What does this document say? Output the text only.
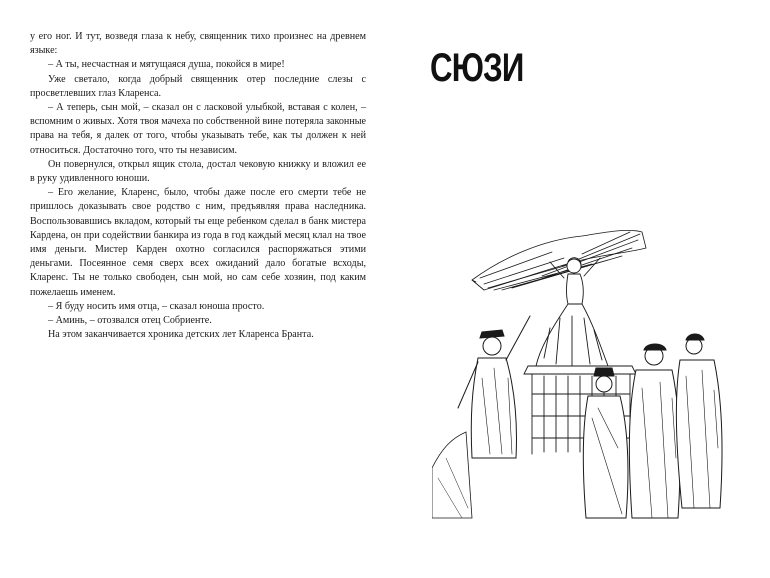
у его ног. И тут, возведя глаза к небу, священник тихо произнес на древнем языке:

– А ты, несчастная и мятущаяся душа, покойся в мире!

Уже светало, когда добрый священник отер последние слезы с просветлевших глаз Кларенса.

– А теперь, сын мой, – сказал он с ласковой улыбкой, вставая с колен, – вспомним о живых. Хотя твоя мачеха по собственной вине потеряла законные права на тебя, я далек от того, чтобы указывать тебе, как ты должен к ней относиться. Достаточно того, что ты независим.

Он повернулся, открыл ящик стола, достал чековую книжку и вложил ее в руку удивленного юноши.

– Его желание, Кларенс, было, чтобы даже после его смерти тебе не пришлось доказывать свое родство с ним, предъявляя права наследника. Воспользовавшись вкладом, который ты еще ребенком сделал в банк мистера Кардена, он при содействии банкира из года в год каждый месяц клал на твое имя деньги. Мистер Карден охотно согласился распоряжаться этими деньгами. Посеянное семя сверх всех ожиданий дало богатые всходы, Кларенс. Ты не только свободен, сын мой, но сам себе хозяин, под каким пожелаешь именем.

– Я буду носить имя отца, – сказал юноша просто.

– Аминь, – отозвался отец Собриенте.

На этом заканчивается хроника детских лет Кларенса Бранта.

СЮЗИ
